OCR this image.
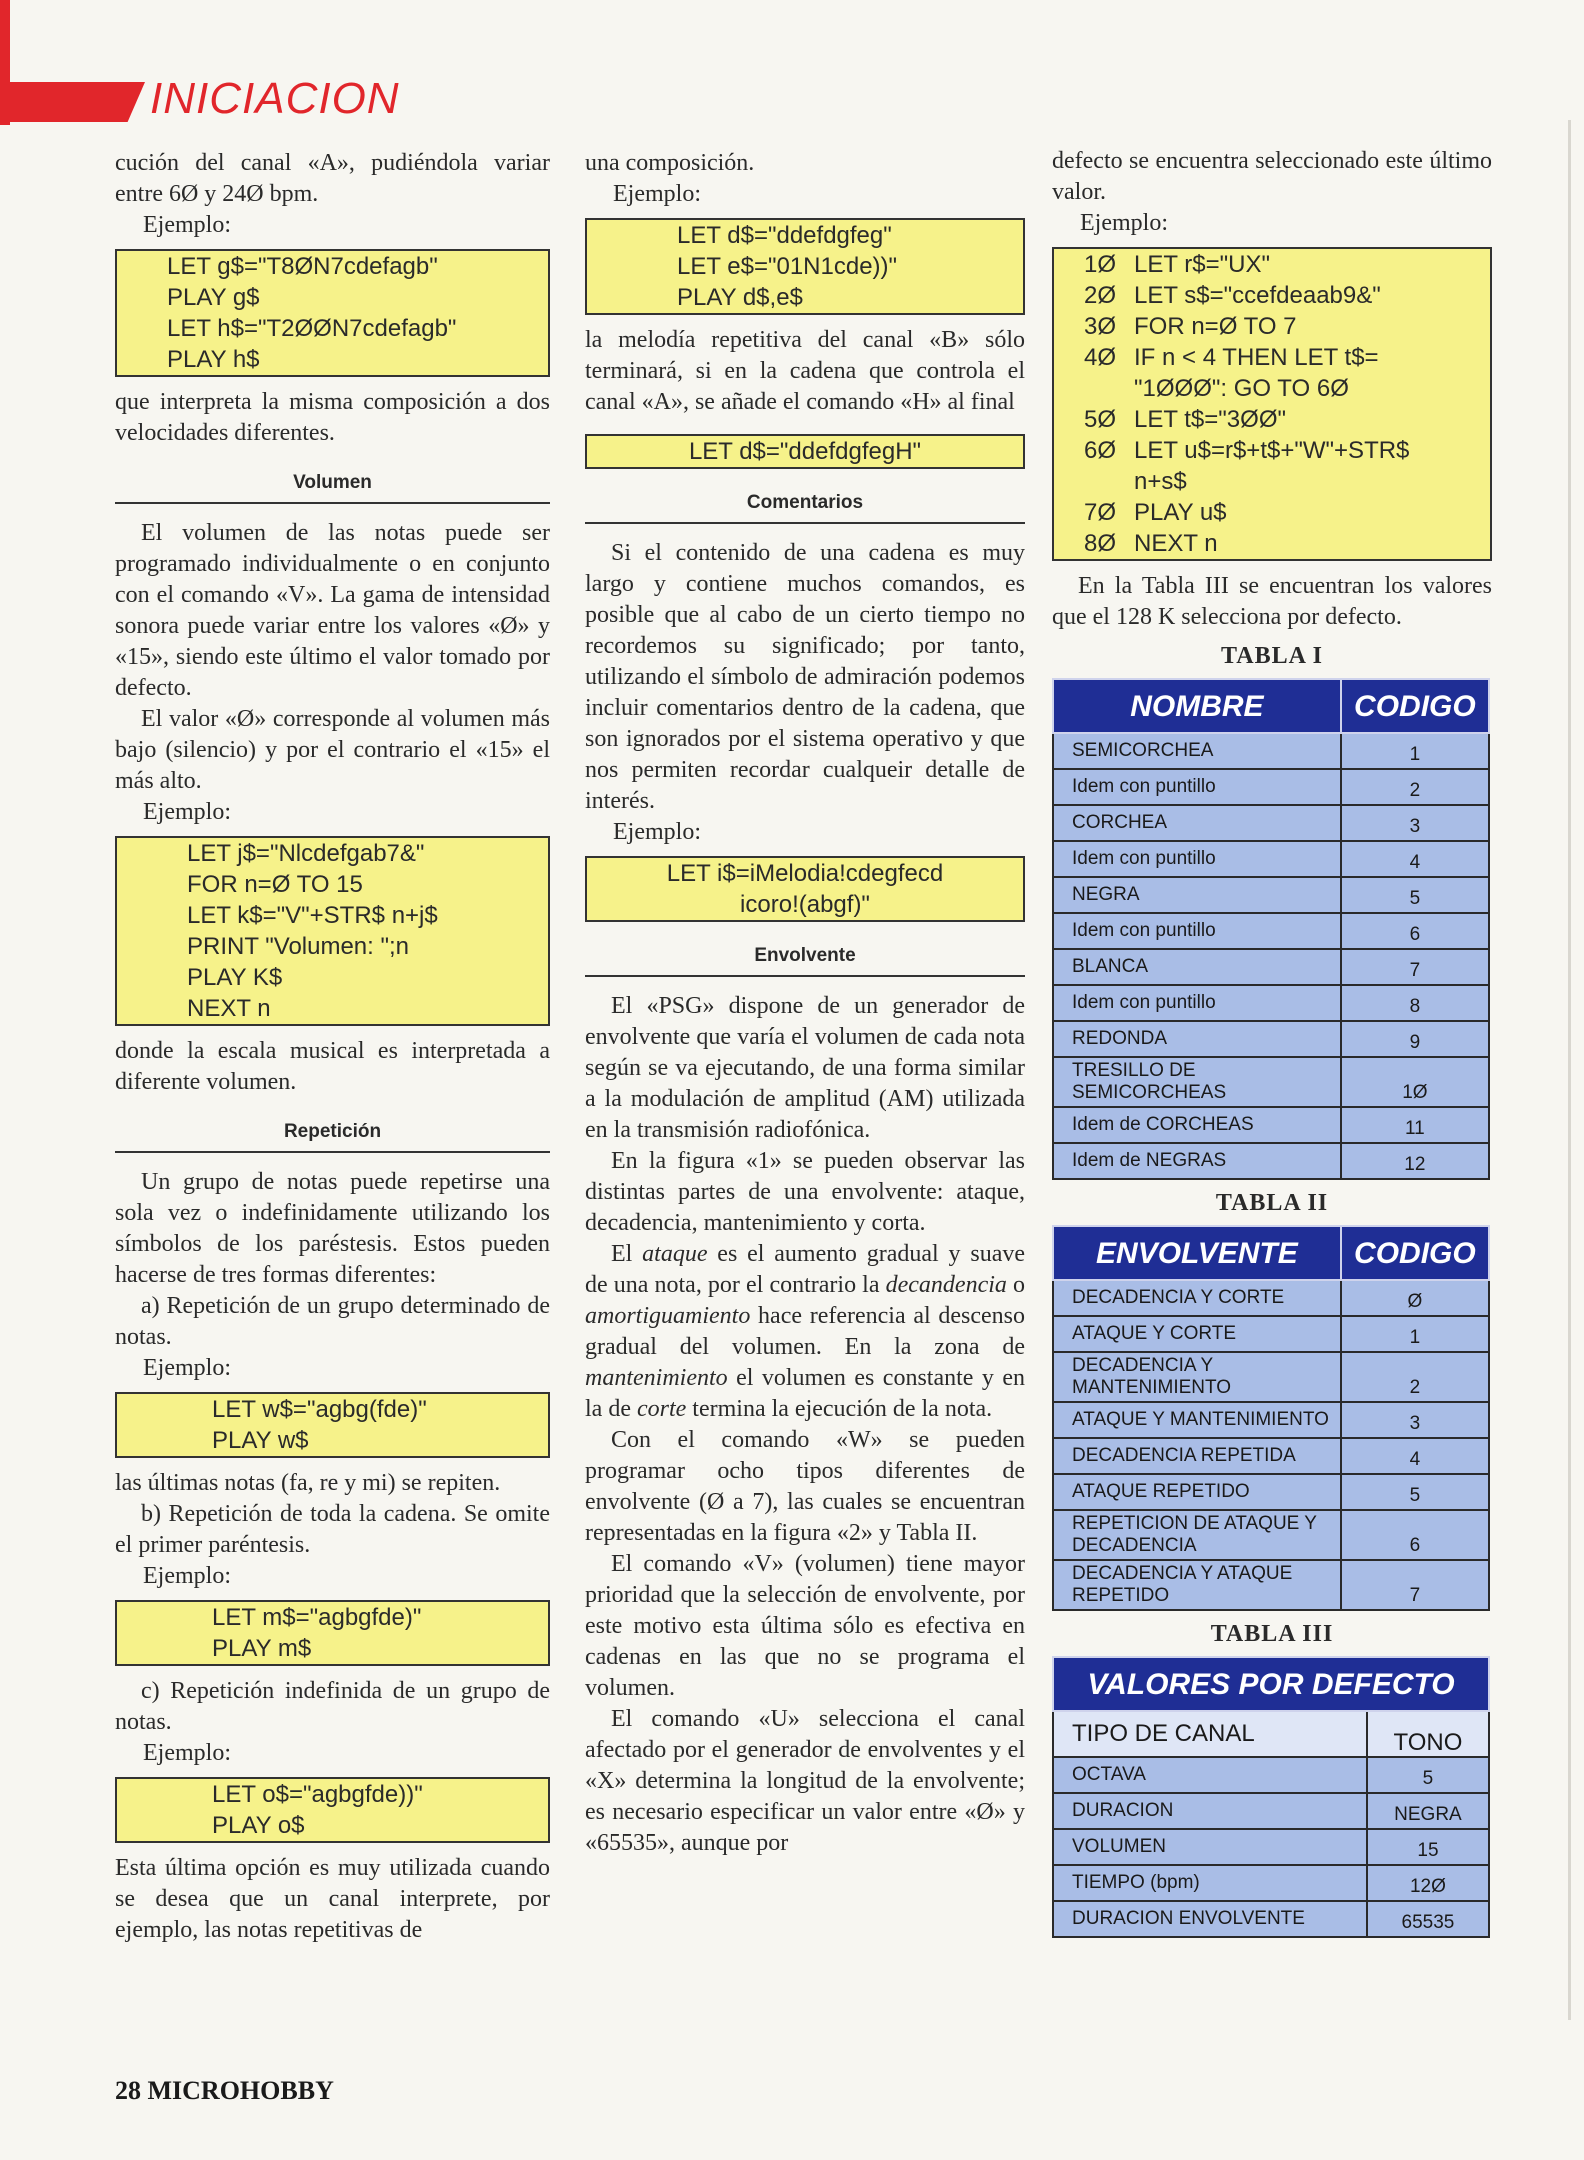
INICIACION

cución del canal «A», pudiéndola variar entre 6Ø y 24Ø bpm.

Ejemplo:

LET g$="T8ØN7cdefagb"
PLAY g$
LET h$="T2ØØN7cdefagb"
PLAY h$

que interpreta la misma composición a dos velocidades diferentes.

Volumen

El volumen de las notas puede ser programado individualmente o en conjunto con el comando «V». La gama de intensidad sonora puede variar entre los valores «Ø» y «15», siendo este último el valor tomado por defecto.

El valor «Ø» corresponde al volumen más bajo (silencio) y por el contrario el «15» el más alto.

Ejemplo:

LET j$="Nlcdefgab7&"
FOR n=Ø TO 15
LET k$="V"+STR$ n+j$
PRINT "Volumen: ";n
PLAY K$
NEXT n

donde la escala musical es interpretada a diferente volumen.

Repetición

Un grupo de notas puede repetirse una sola vez o indefinidamente utilizando los símbolos de los paréstesis. Estos pueden hacerse de tres formas diferentes:

a) Repetición de un grupo determinado de notas.

Ejemplo:

LET w$="agbg(fde)"
PLAY w$

las últimas notas (fa, re y mi) se repiten.

b) Repetición de toda la cadena. Se omite el primer paréntesis.

Ejemplo:

LET m$="agbgfde)"
PLAY m$

c) Repetición indefinida de un grupo de notas.

Ejemplo:

LET o$="agbgfde))"
PLAY o$

Esta última opción es muy utilizada cuando se desea que un canal interprete, por ejemplo, las notas repetitivas de

una composición.

Ejemplo:

LET d$="ddefdgfeg"
LET e$="01N1cde))"
PLAY d$,e$

la melodía repetitiva del canal «B» sólo terminará, si en la cadena que controla el canal «A», se añade el comando «H» al final

LET d$="ddefdgfegH"
Comentarios

Si el contenido de una cadena es muy largo y contiene muchos comandos, es posible que al cabo de un cierto tiempo no recordemos su significado; por tanto, utilizando el símbolo de admiración podemos incluir comentarios dentro de la cadena, que son ignorados por el sistema operativo y que nos permiten recordar cualqueir detalle de interés.

Ejemplo:

LET i$=iMelodia!cdegfecd
icoro!(abgf)"
Envolvente

El «PSG» dispone de un generador de envolvente que varía el volumen de cada nota según se va ejecutando, de una forma similar a la modulación de amplitud (AM) utilizada en la transmisión radiofónica.

En la figura «1» se pueden observar las distintas partes de una envolvente: ataque, decadencia, mantenimiento y corta.

El ataque es el aumento gradual y suave de una nota, por el contrario la decandencia o amortiguamiento hace referencia al descenso gradual del volumen. En la zona de mantenimiento el volumen es constante y en la de corte termina la ejecución de la nota.

Con el comando «W» se pueden programar ocho tipos diferentes de envolvente (Ø a 7), las cuales se encuentran representadas en la figura «2» y Tabla II.

El comando «V» (volumen) tiene mayor prioridad que la selección de envolvente, por este motivo esta última sólo es efectiva en cadenas en las que no se programa el volumen.

El comando «U» selecciona el canal afectado por el generador de envolventes y el «X» determina la longitud de la envolvente; es necesario especificar un valor entre «Ø» y «65535», aunque por

defecto se encuentra seleccionado este último valor.

Ejemplo:

1Ø LET r$="UX"
2Ø LET s$="ccefdeaab9&"
3Ø FOR n=Ø TO 7
4Ø IF n < 4 THEN LET t$=
"1ØØØ": GO TO 6Ø
5Ø LET t$="3ØØ"
6Ø LET u$=r$+t$+"W"+STR$
n+s$
7Ø PLAY u$
8Ø NEXT n

En la Tabla III se encuentran los valores que el 128 K selecciona por defecto.

TABLA I
NOMBRE	CODIGO
SEMICORCHEA	1
Idem con puntillo	2
CORCHEA	3
Idem con puntillo	4
NEGRA	5
Idem con puntillo	6
BLANCA	7
Idem con puntillo	8
REDONDA	9
TRESILLO DE SEMICORCHEAS	1Ø
Idem de CORCHEAS	11
Idem de NEGRAS	12
TABLA II
ENVOLVENTE	CODIGO
DECADENCIA Y CORTE	Ø
ATAQUE Y CORTE	1
DECADENCIA Y MANTENIMIENTO	2
ATAQUE Y MANTENIMIENTO	3
DECADENCIA REPETIDA	4
ATAQUE REPETIDO	5
REPETICION DE ATAQUE Y DECADENCIA	6
DECADENCIA Y ATAQUE REPETIDO	7
TABLA III
VALORES POR DEFECTO	
TIPO DE CANAL	TONO
OCTAVA	5
DURACION	NEGRA
VOLUMEN	15
TIEMPO (bpm)	12Ø
DURACION ENVOLVENTE	65535
28 MICROHOBBY
